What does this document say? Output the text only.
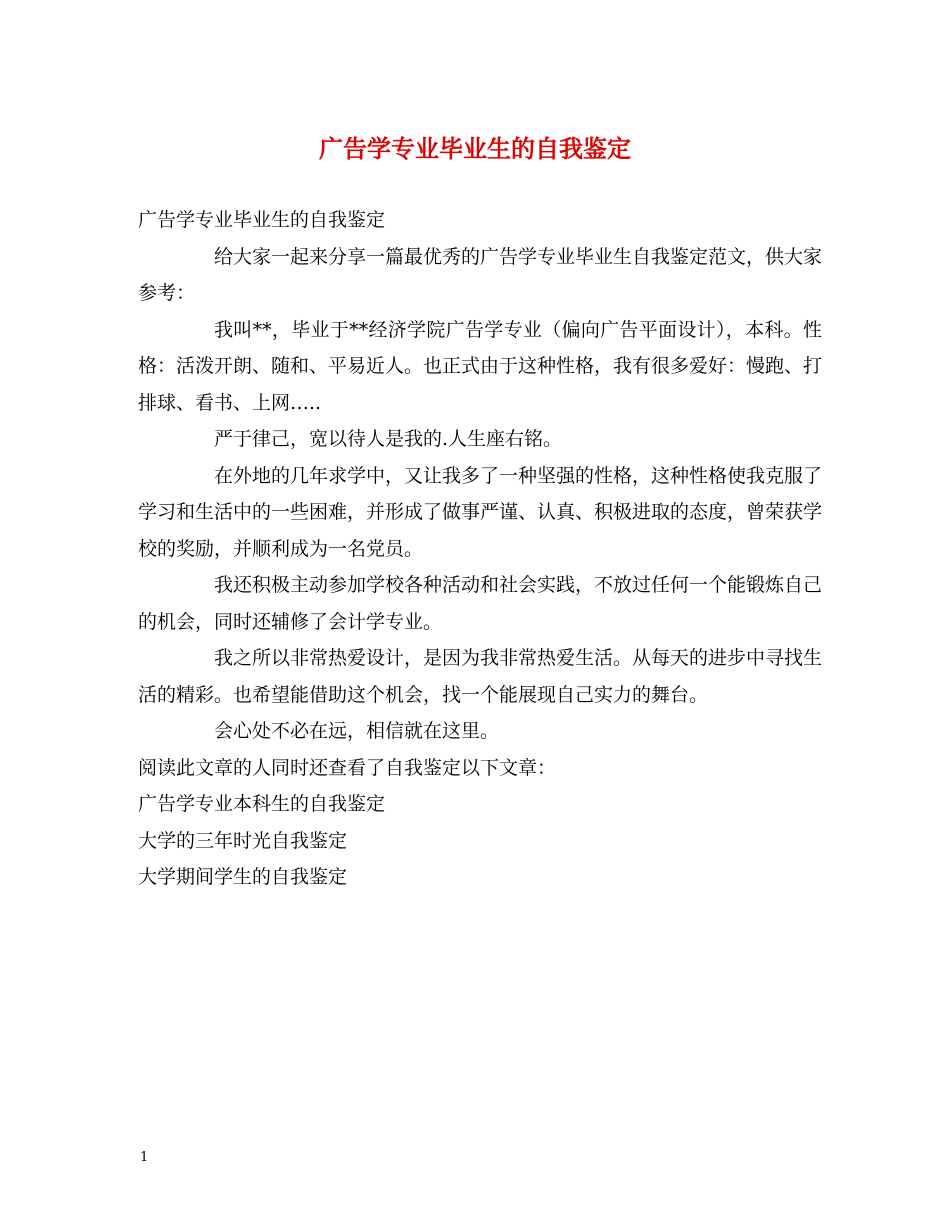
广告学专业毕业生的自我鉴定

广告学专业毕业生的自我鉴定

给大家一起来分享一篇最优秀的广告学专业毕业生自我鉴定范文，供大家参考：

我叫**，毕业于**经济学院广告学专业（偏向广告平面设计），本科。性格：活泼开朗、随和、平易近人。也正式由于这种性格，我有很多爱好：慢跑、打排球、看书、上网…..

严于律己，宽以待人是我的.人生座右铭。

在外地的几年求学中，又让我多了一种坚强的性格，这种性格使我克服了学习和生活中的一些困难，并形成了做事严谨、认真、积极进取的态度，曾荣获学校的奖励，并顺利成为一名党员。

我还积极主动参加学校各种活动和社会实践，不放过任何一个能锻炼自己的机会，同时还辅修了会计学专业。

我之所以非常热爱设计，是因为我非常热爱生活。从每天的进步中寻找生活的精彩。也希望能借助这个机会，找一个能展现自己实力的舞台。

会心处不必在远，相信就在这里。

阅读此文章的人同时还查看了自我鉴定以下文章：

广告学专业本科生的自我鉴定

大学的三年时光自我鉴定

大学期间学生的自我鉴定

1
